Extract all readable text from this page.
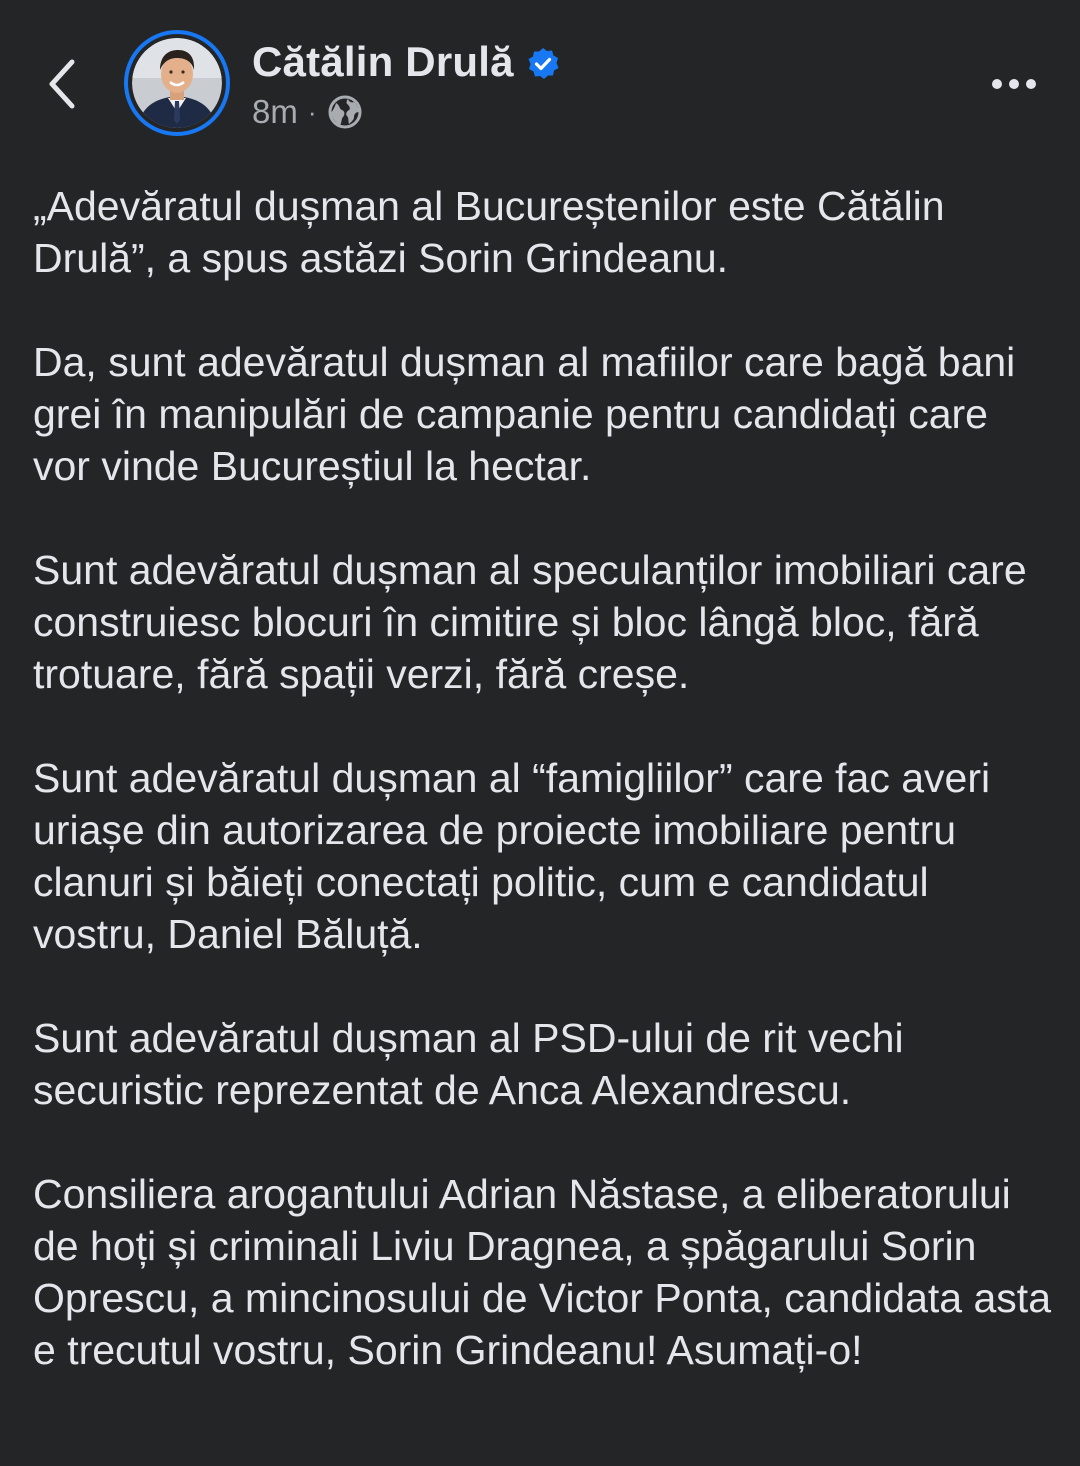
Cătălin Drulă
8m ·

„Adevăratul dușman al Bucureștenilor este Cătălin Drulă”, a spus astăzi Sorin Grindeanu.

Da, sunt adevăratul dușman al mafiilor care bagă bani grei în manipulări de campanie pentru candidați care vor vinde Bucureștiul la hectar.

Sunt adevăratul dușman al speculanților imobiliari care construiesc blocuri în cimitire și bloc lângă bloc, fără trotuare, fără spații verzi, fără creșe.

Sunt adevăratul dușman al “famigliilor” care fac averi uriașe din autorizarea de proiecte imobiliare pentru clanuri și băieți conectați politic, cum e candidatul vostru, Daniel Băluță.

Sunt adevăratul dușman al PSD-ului de rit vechi securistic reprezentat de Anca Alexandrescu.

Consiliera arogantului Adrian Năstase, a eliberatorului de hoți și criminali Liviu Dragnea, a șpăgarului Sorin Oprescu, a mincinosului de Victor Ponta, candidata asta e trecutul vostru, Sorin Grindeanu! Asumați-o!
